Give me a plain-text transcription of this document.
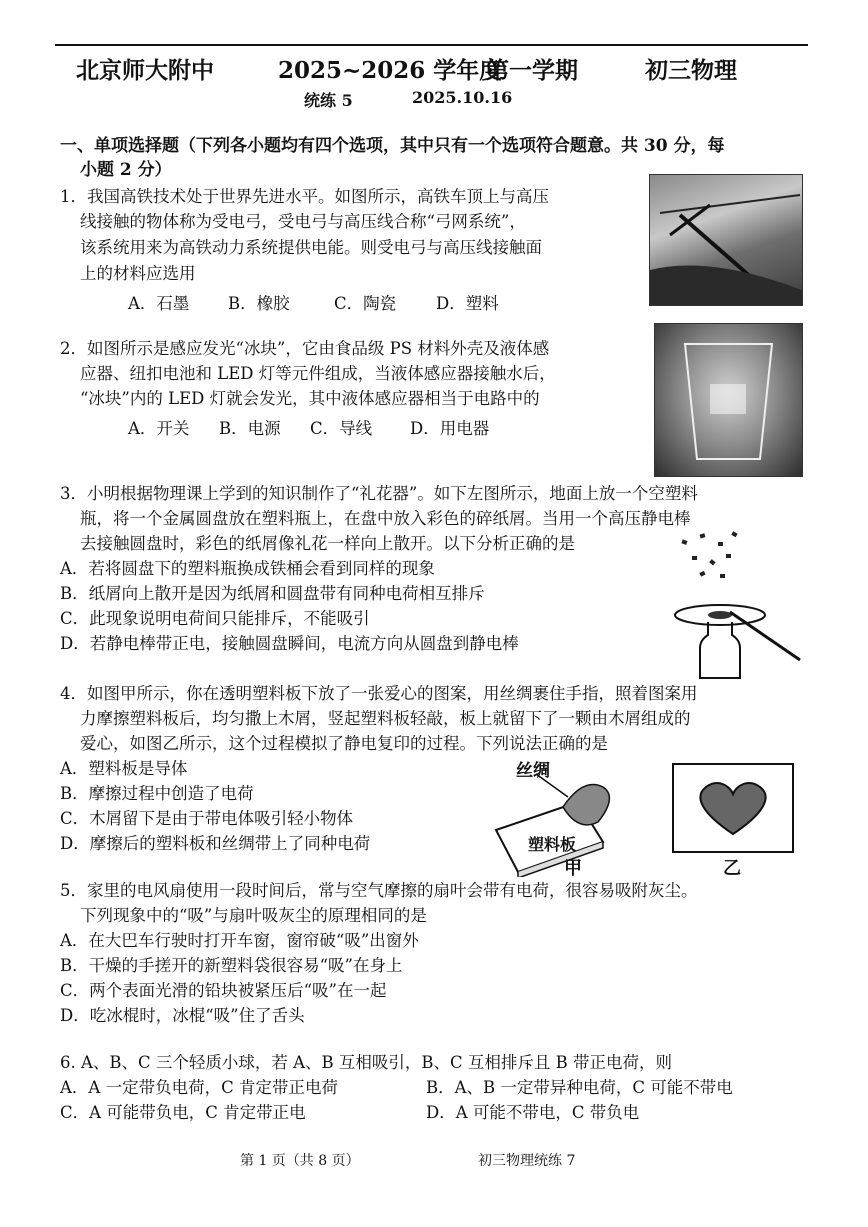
北京师大附中	2025~2026 学年度
第一学期	初三物理
统练 5	2025.10.16
一、单项选择题（下列各小题均有四个选项，其中只有一个选项符合题意。共 30 分，每
小题 2 分）
1．我国高铁技术处于世界先进水平。如图所示，高铁车顶上与高压
线接触的物体称为受电弓，受电弓与高压线合称“弓网系统”，
该系统用来为高铁动力系统提供电能。则受电弓与高压线接触面
上的材料应选用
A．石墨 B．橡胶	C．陶瓷 D．塑料
2．如图所示是感应发光“冰块”，它由食品级 PS 材料外壳及液体感
应器、纽扣电池和 LED 灯等元件组成，当液体感应器接触水后，
“冰块”内的 LED 灯就会发光，其中液体感应器相当于电路中的
A．开关 B．电源 C．导线 D．用电器
3．小明根据物理课上学到的知识制作了“礼花器”。如下左图所示，地面上放一个空塑料
瓶，将一个金属圆盘放在塑料瓶上，在盘中放入彩色的碎纸屑。当用一个高压静电棒
去接触圆盘时，彩色的纸屑像礼花一样向上散开。以下分析正确的是
A．若将圆盘下的塑料瓶换成铁桶会看到同样的现象
B．纸屑向上散开是因为纸屑和圆盘带有同种电荷相互排斥
C．此现象说明电荷间只能排斥，不能吸引
D．若静电棒带正电，接触圆盘瞬间，电流方向从圆盘到静电棒
4．如图甲所示，你在透明塑料板下放了一张爱心的图案，用丝绸裹住手指，照着图案用
力摩擦塑料板后，均匀撒上木屑，竖起塑料板轻敲，板上就留下了一颗由木屑组成的
爱心，如图乙所示，这个过程模拟了静电复印的过程。下列说法正确的是
A．塑料板是导体
B．摩擦过程中创造了电荷
C．木屑留下是由于带电体吸引轻小物体
D．摩擦后的塑料板和丝绸带上了同种电荷
丝绸
塑料板
甲	乙
5．家里的电风扇使用一段时间后，常与空气摩擦的扇叶会带有电荷，很容易吸附灰尘。
下列现象中的“吸”与扇叶吸灰尘的原理相同的是
A．在大巴车行驶时打开车窗，窗帘破“吸”出窗外
B．干燥的手搓开的新塑料袋很容易“吸”在身上
C．两个表面光滑的铅块被紧压后“吸”在一起
D．吃冰棍时，冰棍“吸”住了舌头
6. A、B、C 三个轻质小球，若 A、B 互相吸引，B、C 互相排斥且 B 带正电荷，则
A．A 一定带负电荷，C 肯定带正电荷	B．A、B 一定带异种电荷，C 可能不带电
C．A 可能带负电，C 肯定带正电	D．A 可能不带电，C 带负电
第 1 页（共 8 页）	初三物理统练 7
